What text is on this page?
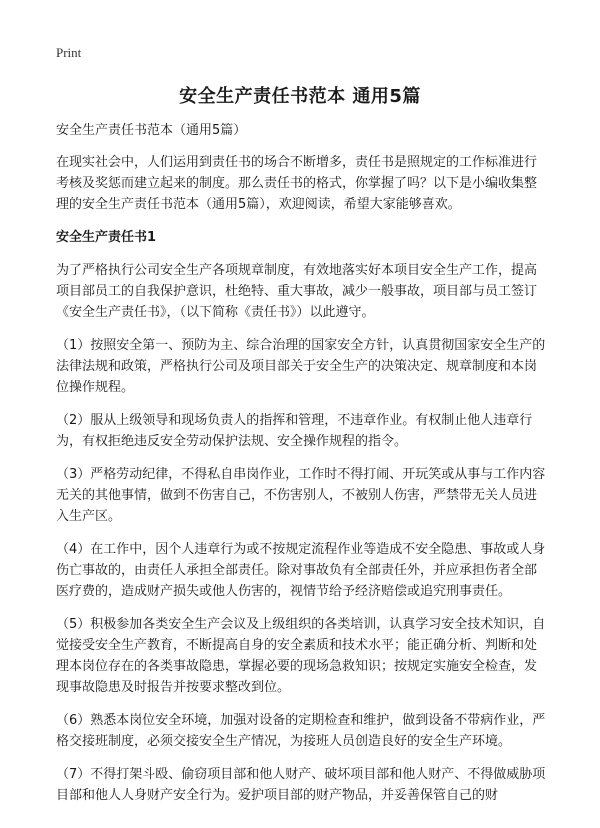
Print
安全生产责任书范本 通用5篇

安全生产责任书范本（通用5篇）

在现实社会中，人们运用到责任书的场合不断增多，责任书是照规定的工作标准进行考核及奖惩而建立起来的制度。那么责任书的格式，你掌握了吗？以下是小编收集整理的安全生产责任书范本（通用5篇），欢迎阅读，希望大家能够喜欢。

安全生产责任书1

为了严格执行公司安全生产各项规章制度，有效地落实好本项目安全生产工作，提高项目部员工的自我保护意识，杜绝特、重大事故，减少一般事故，项目部与员工签订《安全生产责任书》，（以下简称《责任书》）以此遵守。

（1）按照安全第一、预防为主、综合治理的国家安全方针，认真贯彻国家安全生产的法律法规和政策，严格执行公司及项目部关于安全生产的决策决定、规章制度和本岗位操作规程。

（2）服从上级领导和现场负责人的指挥和管理，不违章作业。有权制止他人违章行为，有权拒绝违反安全劳动保护法规、安全操作规程的指令。

（3）严格劳动纪律，不得私自串岗作业，工作时不得打闹、开玩笑或从事与工作内容无关的其他事情，做到不伤害自己，不伤害别人，不被别人伤害，严禁带无关人员进入生产区。

（4）在工作中，因个人违章行为或不按规定流程作业等造成不安全隐患、事故或人身伤亡事故的，由责任人承担全部责任。除对事故负有全部责任外，并应承担伤者全部医疗费的，造成财产损失或他人伤害的，视情节给予经济赔偿或追究刑事责任。

（5）积极参加各类安全生产会议及上级组织的各类培训，认真学习安全技术知识，自觉接受安全生产教育，不断提高自身的安全素质和技术水平；能正确分析、判断和处理本岗位存在的各类事故隐患，掌握必要的现场急救知识；按规定实施安全检查，发现事故隐患及时报告并按要求整改到位。

（6）熟悉本岗位安全环境，加强对设备的定期检查和维护，做到设备不带病作业，严格交接班制度，必须交接安全生产情况，为接班人员创造良好的安全生产环境。

（7）不得打架斗殴、偷窃项目部和他人财产、破坏项目部和他人财产、不得做威胁项目部和他人人身财产安全行为。爱护项目部的财产物品，并妥善保管自己的财
